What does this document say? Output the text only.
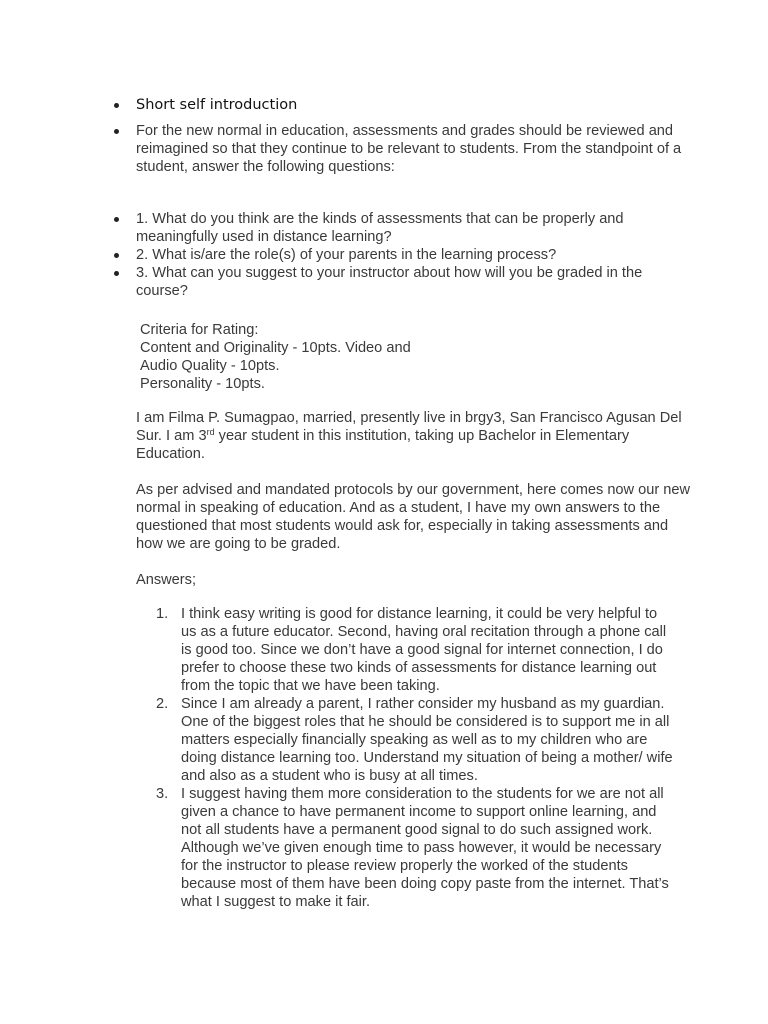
Short self introduction
For the new normal in education, assessments and grades should be reviewed and reimagined so that they continue to be relevant to students. From the standpoint of a student, answer the following questions:
1. What do you think are the kinds of assessments that can be properly and meaningfully used in distance learning?
2. What is/are the role(s) of your parents in the learning process?
3. What can you suggest to your instructor about how will you be graded in the course?
Criteria for Rating:
Content and Originality - 10pts. Video and
Audio Quality - 10pts.
Personality - 10pts.

I am Filma P. Sumagpao, married, presently live in brgy3, San Francisco Agusan Del Sur. I am 3rd year student in this institution, taking up Bachelor in Elementary Education.

As per advised and mandated protocols by our government, here comes now our new normal in speaking of education. And as a student, I have my own answers to the questioned that most students would ask for, especially in taking assessments and how we are going to be graded.

Answers;

1. I think easy writing is good for distance learning, it could be very helpful to us as a future educator. Second, having oral recitation through a phone call is good too. Since we don’t have a good signal for internet connection, I do prefer to choose these two kinds of assessments for distance learning out from the topic that we have been taking.
2. Since I am already a parent, I rather consider my husband as my guardian. One of the biggest roles that he should be considered is to support me in all matters especially financially speaking as well as to my children who are doing distance learning too. Understand my situation of being a mother/ wife and also as a student who is busy at all times.
3. I suggest having them more consideration to the students for we are not all given a chance to have permanent income to support online learning, and not all students have a permanent good signal to do such assigned work. Although we’ve given enough time to pass however, it would be necessary for the instructor to please review properly the worked of the students because most of them have been doing copy paste from the internet. That’s what I suggest to make it fair.
